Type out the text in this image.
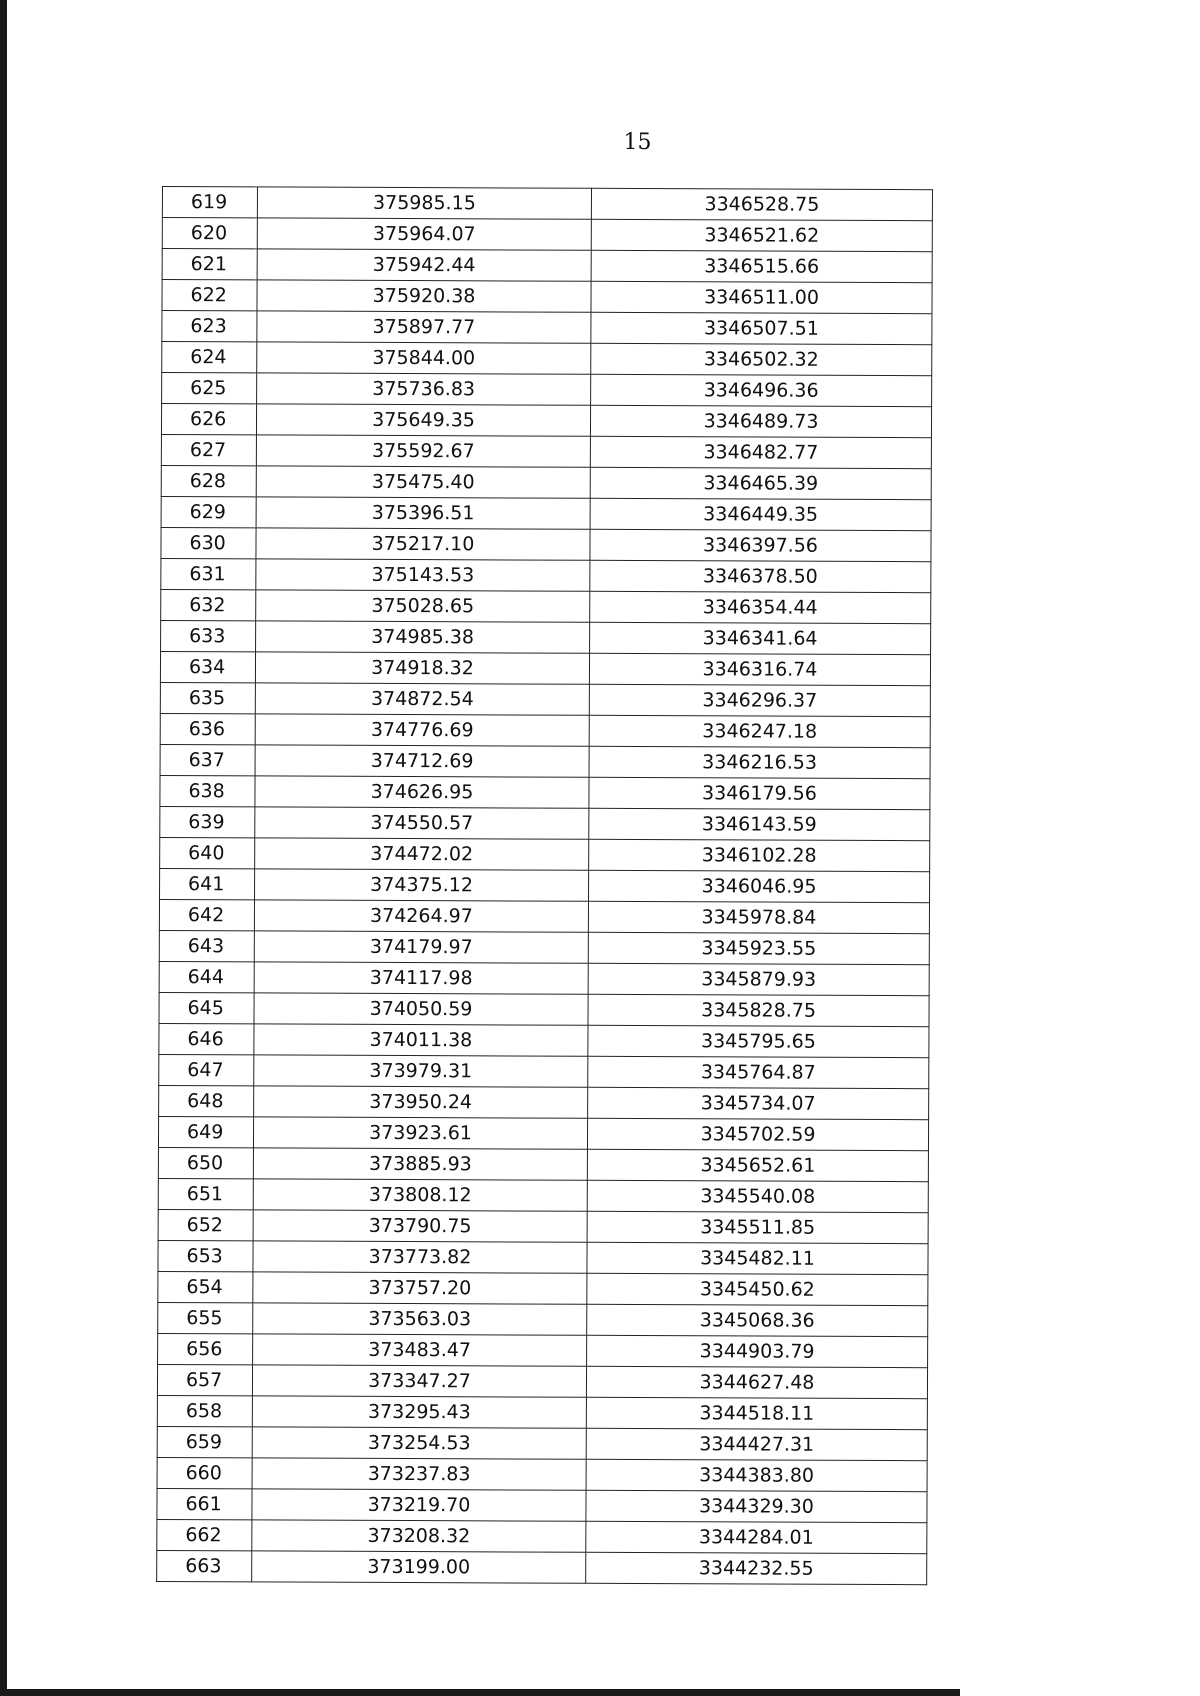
15
619	375985.15	3346528.75
620	375964.07	3346521.62
621	375942.44	3346515.66
622	375920.38	3346511.00
623	375897.77	3346507.51
624	375844.00	3346502.32
625	375736.83	3346496.36
626	375649.35	3346489.73
627	375592.67	3346482.77
628	375475.40	3346465.39
629	375396.51	3346449.35
630	375217.10	3346397.56
631	375143.53	3346378.50
632	375028.65	3346354.44
633	374985.38	3346341.64
634	374918.32	3346316.74
635	374872.54	3346296.37
636	374776.69	3346247.18
637	374712.69	3346216.53
638	374626.95	3346179.56
639	374550.57	3346143.59
640	374472.02	3346102.28
641	374375.12	3346046.95
642	374264.97	3345978.84
643	374179.97	3345923.55
644	374117.98	3345879.93
645	374050.59	3345828.75
646	374011.38	3345795.65
647	373979.31	3345764.87
648	373950.24	3345734.07
649	373923.61	3345702.59
650	373885.93	3345652.61
651	373808.12	3345540.08
652	373790.75	3345511.85
653	373773.82	3345482.11
654	373757.20	3345450.62
655	373563.03	3345068.36
656	373483.47	3344903.79
657	373347.27	3344627.48
658	373295.43	3344518.11
659	373254.53	3344427.31
660	373237.83	3344383.80
661	373219.70	3344329.30
662	373208.32	3344284.01
663	373199.00	3344232.55
